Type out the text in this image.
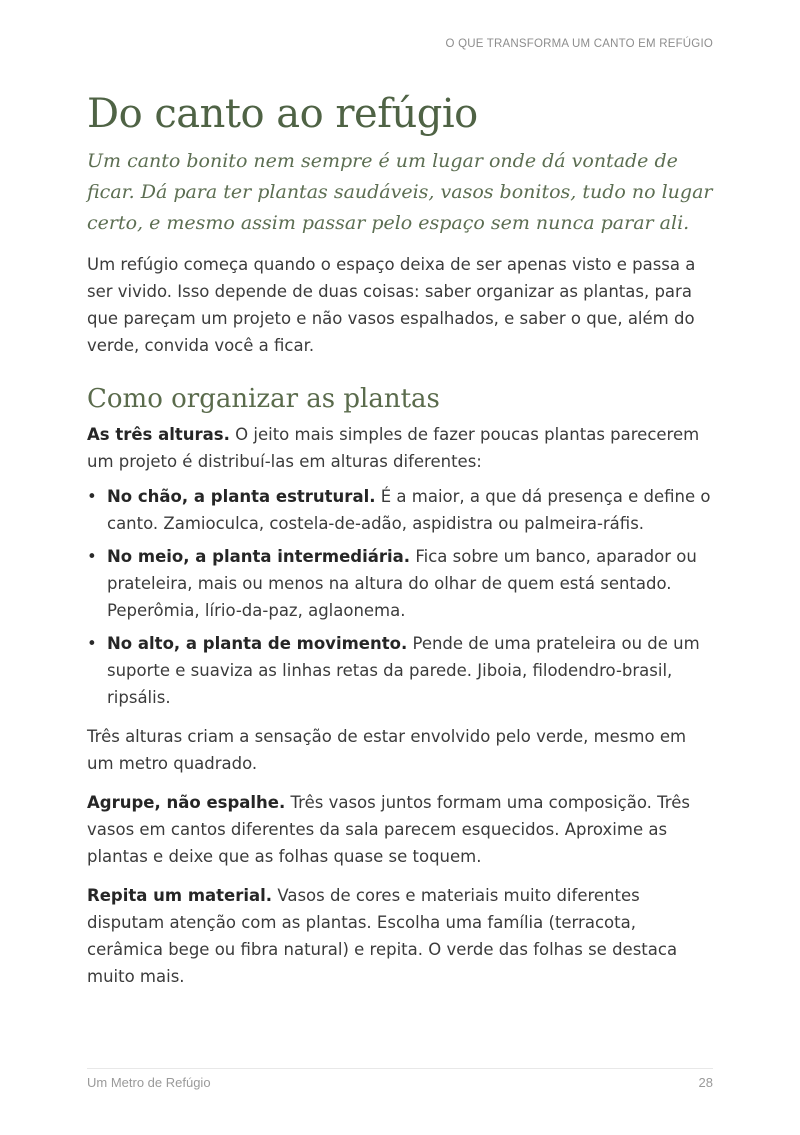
O QUE TRANSFORMA UM CANTO EM REFÚGIO
Do canto ao refúgio

Um canto bonito nem sempre é um lugar onde dá vontade de ficar. Dá para ter plantas saudáveis, vasos bonitos, tudo no lugar certo, e mesmo assim passar pelo espaço sem nunca parar ali.

Um refúgio começa quando o espaço deixa de ser apenas visto e passa a ser vivido. Isso depende de duas coisas: saber organizar as plantas, para que pareçam um projeto e não vasos espalhados, e saber o que, além do verde, convida você a ficar.

Como organizar as plantas

As três alturas. O jeito mais simples de fazer poucas plantas parecerem um projeto é distribuí-las em alturas diferentes:

• No chão, a planta estrutural. É a maior, a que dá presença e define o canto. Zamioculca, costela-de-adão, aspidistra ou palmeira-ráfis.
• No meio, a planta intermediária. Fica sobre um banco, aparador ou prateleira, mais ou menos na altura do olhar de quem está sentado. Peperômia, lírio-da-paz, aglaonema.
• No alto, a planta de movimento. Pende de uma prateleira ou de um suporte e suaviza as linhas retas da parede. Jiboia, filodendro-brasil, ripsális.

Três alturas criam a sensação de estar envolvido pelo verde, mesmo em um metro quadrado.

Agrupe, não espalhe. Três vasos juntos formam uma composição. Três vasos em cantos diferentes da sala parecem esquecidos. Aproxime as plantas e deixe que as folhas quase se toquem.

Repita um material. Vasos de cores e materiais muito diferentes disputam atenção com as plantas. Escolha uma família (terracota, cerâmica bege ou fibra natural) e repita. O verde das folhas se destaca muito mais.

Um Metro de Refúgio	28
